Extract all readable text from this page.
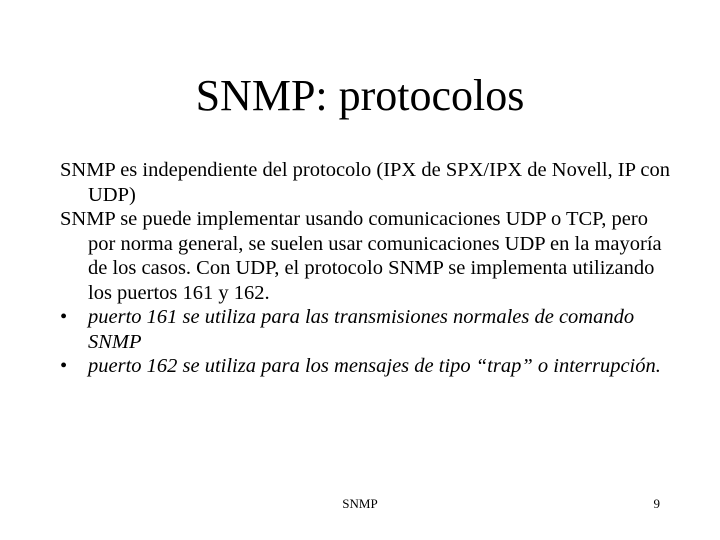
SNMP: protocolos

SNMP es independiente del protocolo (IPX de SPX/IPX de Novell, IP con UDP)

SNMP se puede implementar usando comunicaciones UDP o TCP, pero por norma general, se suelen usar comunicaciones UDP en la mayoría de los casos. Con UDP, el protocolo SNMP se implementa utilizando los puertos 161 y 162.

• puerto 161 se utiliza para las transmisiones normales de comando SNMP

• puerto 162 se utiliza para los mensajes de tipo “trap” o interrupción.

SNMP	9
